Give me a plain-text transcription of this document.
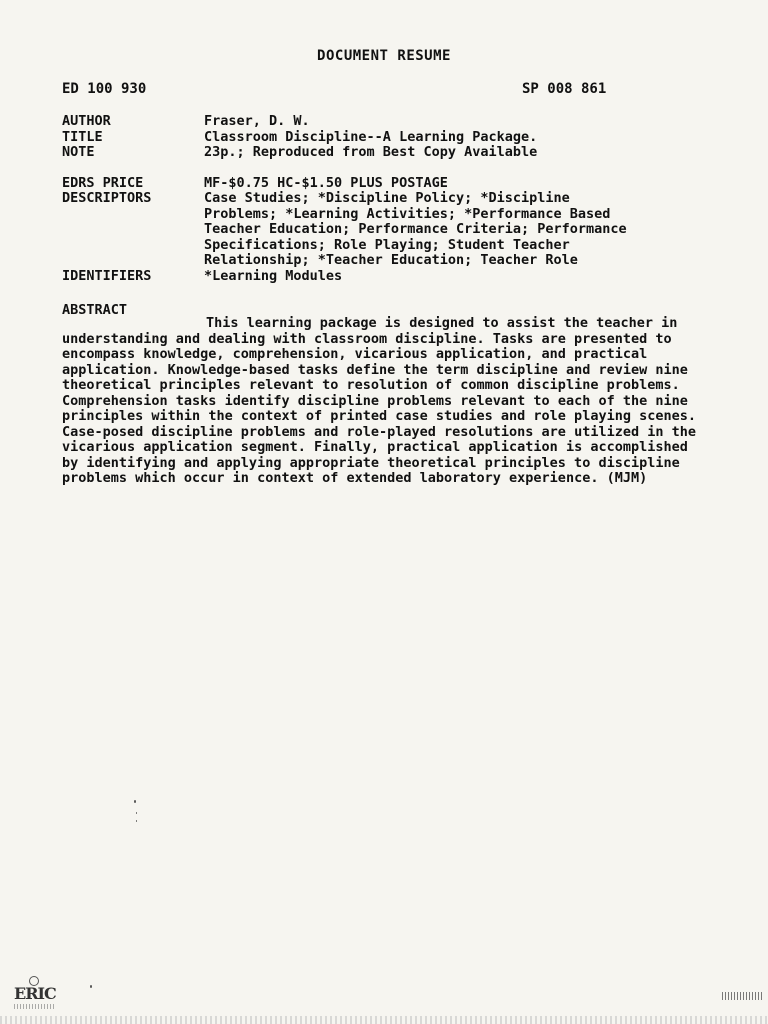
DOCUMENT RESUME
ED 100 930	SP 008 861
AUTHOR	Fraser, D. W.
TITLE	Classroom Discipline--A Learning Package.
NOTE	23p.; Reproduced from Best Copy Available
EDRS PRICE	MF-$0.75 HC-$1.50 PLUS POSTAGE
DESCRIPTORS	Case Studies; *Discipline Policy; *Discipline
Problems; *Learning Activities; *Performance Based
Teacher Education; Performance Criteria; Performance
Specifications; Role Playing; Student Teacher
Relationship; *Teacher Education; Teacher Role
IDENTIFIERS	*Learning Modules
ABSTRACT
This learning package is designed to assist the teacher in understanding and dealing with classroom discipline. Tasks are presented to encompass knowledge, comprehension, vicarious application, and practical application. Knowledge-based tasks define the term discipline and review nine theoretical principles relevant to resolution of common discipline problems. Comprehension tasks identify discipline problems relevant to each of the nine principles within the context of printed case studies and role playing scenes. Case-posed discipline problems and role-played resolutions are utilized in the vicarious application segment. Finally, practical application is accomplished by identifying and applying appropriate theoretical principles to discipline problems which occur in context of extended laboratory experience. (MJM)
ERIC
